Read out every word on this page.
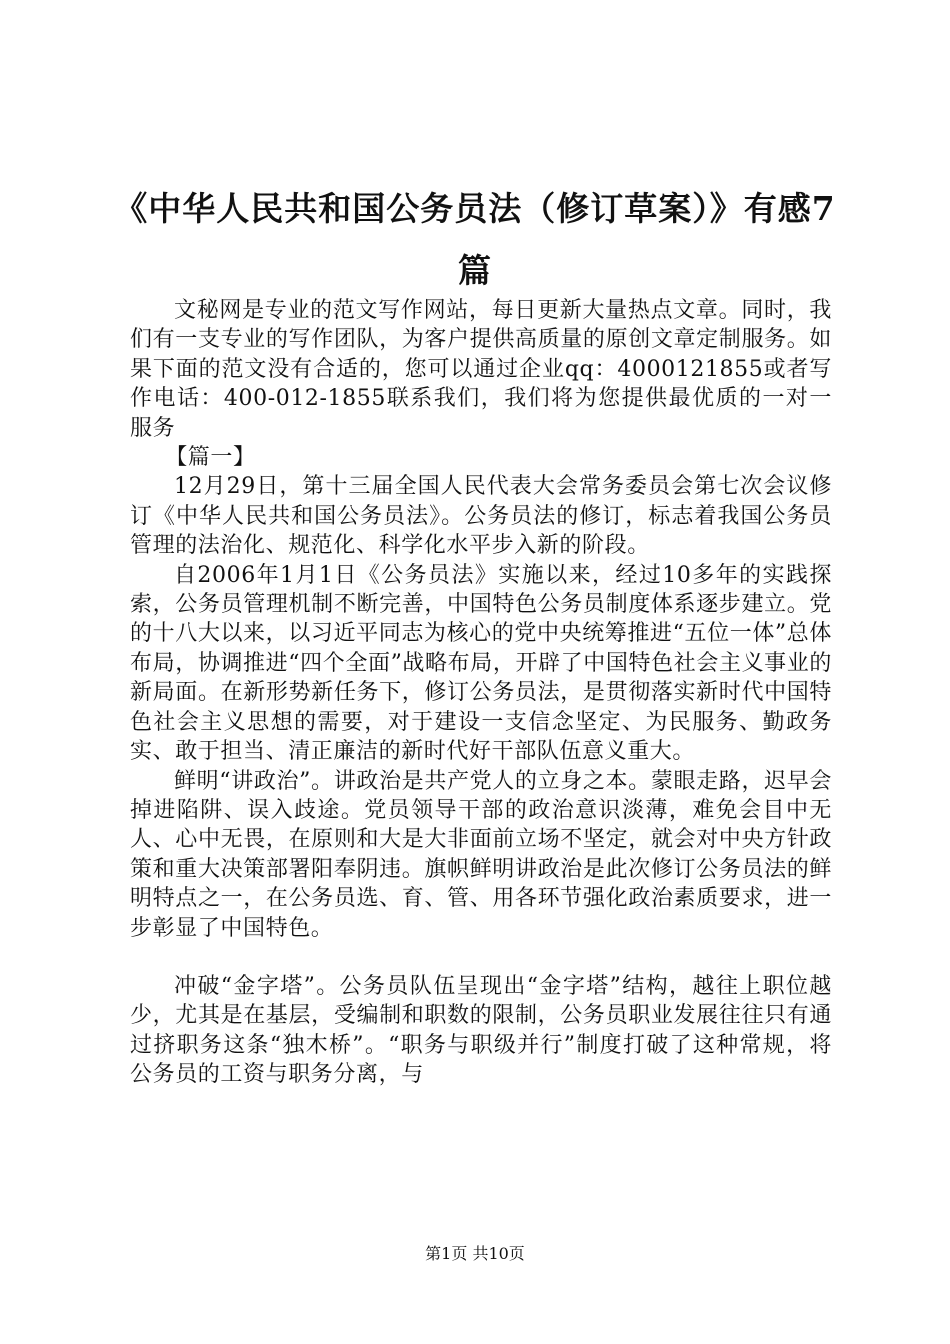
《中华人民共和国公务员法（修订草案）》有感7篇

文秘网是专业的范文写作网站，每日更新大量热点文章。同时，我们有一支专业的写作团队，为客户提供高质量的原创文章定制服务。如果下面的范文没有合适的，您可以通过企业qq：4000121855或者写作电话：400-012-1855联系我们，我们将为您提供最优质的一对一服务

【篇一】

12月29日，第十三届全国人民代表大会常务委员会第七次会议修订《中华人民共和国公务员法》。公务员法的修订，标志着我国公务员管理的法治化、规范化、科学化水平步入新的阶段。

自2006年1月1日《公务员法》实施以来，经过10多年的实践探索，公务员管理机制不断完善，中国特色公务员制度体系逐步建立。党的十八大以来，以习近平同志为核心的党中央统筹推进“五位一体”总体布局，协调推进“四个全面”战略布局，开辟了中国特色社会主义事业的新局面。在新形势新任务下，修订公务员法，是贯彻落实新时代中国特色社会主义思想的需要，对于建设一支信念坚定、为民服务、勤政务实、敢于担当、清正廉洁的新时代好干部队伍意义重大。

鲜明“讲政治”。讲政治是共产党人的立身之本。蒙眼走路，迟早会掉进陷阱、误入歧途。党员领导干部的政治意识淡薄，难免会目中无人、心中无畏，在原则和大是大非面前立场不坚定，就会对中央方针政策和重大决策部署阳奉阴违。旗帜鲜明讲政治是此次修订公务员法的鲜明特点之一，在公务员选、育、管、用各环节强化政治素质要求，进一步彰显了中国特色。

冲破“金字塔”。公务员队伍呈现出“金字塔”结构，越往上职位越少，尤其是在基层，受编制和职数的限制，公务员职业发展往往只有通过挤职务这条“独木桥”。“职务与职级并行”制度打破了这种常规，将公务员的工资与职务分离，与

第1页 共10页
